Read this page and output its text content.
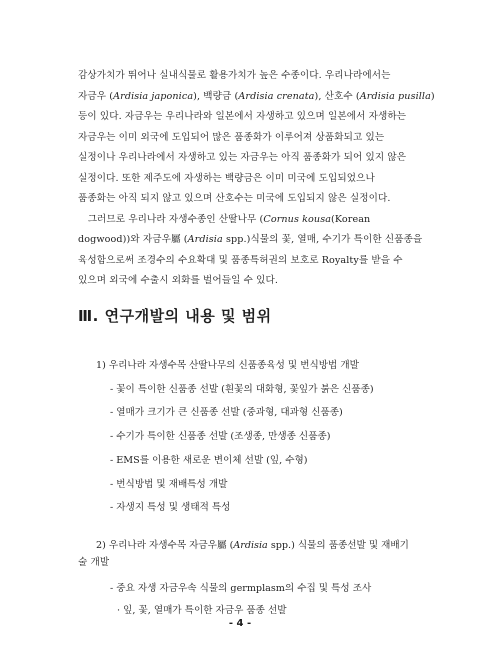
감상가치가 뛰어나 실내식물로 활용가치가 높은 수종이다. 우리나라에서는
자금우 (Ardisia japonica), 백량금 (Ardisia crenata), 산호수 (Ardisia pusilla)
등이 있다. 자금우는 우리나라와 일본에서 자생하고 있으며 일본에서 자생하는
자금우는 이미 외국에 도입되어 많은 품종화가 이루어져 상품화되고 있는
실정이나 우리나라에서 자생하고 있는 자금우는 아직 품종화가 되어 있지 않은
실정이다. 또한 제주도에 자생하는 백량금은 이미 미국에 도입되었으나
품종화는 아직 되지 않고 있으며 산호수는 미국에 도입되지 않은 실정이다.
　그러므로 우리나라 자생수종인 산딸나무 (Cornus kousa(Korean
dogwood))와 자금우屬 (Ardisia spp.)식물의 꽃, 열매, 수기가 특이한 신품종을
육성함으로써 조경수의 수요확대 및 품종특허권의 보호로 Royalty를 받을 수
있으며 외국에 수출시 외화를 벌어들일 수 있다.
Ⅲ. 연구개발의 내용 및 범위
1) 우리나라 자생수목 산딸나무의 신품종육성 및 번식방법 개발
- 꽃이 특이한 신품종 선발 (흰꽃의 대화형, 꽃잎가 붉은 신품종)
- 열매가 크기가 큰 신품종 선발 (중과형, 대과형 신품종)
- 수기가 특이한 신품종 선발 (조생종, 만생종 신품종)
- EMS를 이용한 새로운 변이체 선발 (잎, 수형)
- 번식방법 및 재배특성 개발
- 자생지 특성 및 생태적 특성
2) 우리나라 자생수목 자금우屬 (Ardisia spp.) 식물의 품종선발 및 재배기
술 개발
- 중요 자생 자금우속 식물의 germplasm의 수집 및 특성 조사
· 잎, 꽃, 열매가 특이한 자금우 품종 선발
- 4 -
